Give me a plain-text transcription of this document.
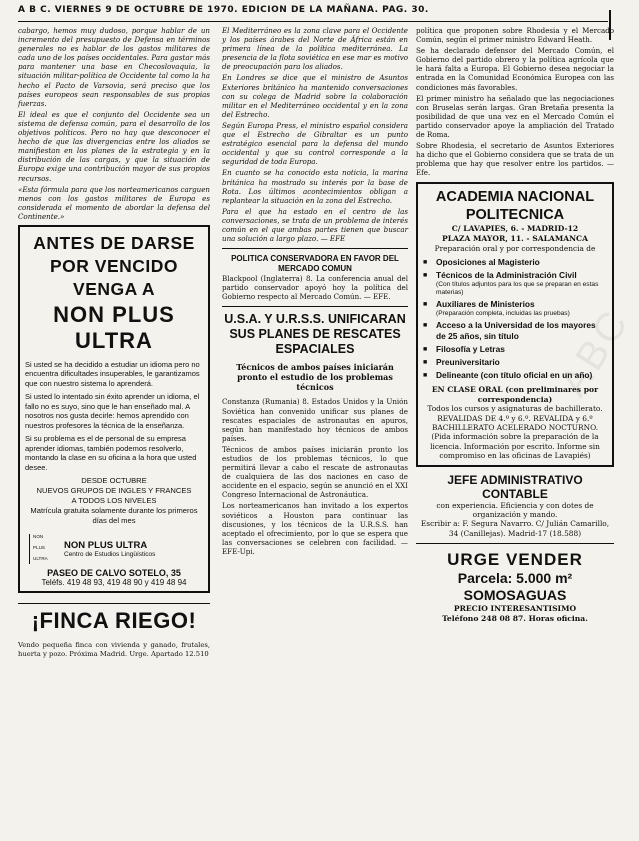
A B C. VIERNES 9 DE OCTUBRE DE 1970. EDICION DE LA MAÑANA. PAG. 30.

cabargo, hemos muy dudoso, porque hablar de un incremento del presupuesto de Defensa en términos generales no es hablar de los gastos militares de cada uno de los países occidentales. Para gastar más para mantener una base en Checoslovaquia, la situación militar-política de Occidente tal como la ha hecho el Pacto de Varsovia, será preciso que los países europeos sean responsables de sus propias fuerzas.

El ideal es que el conjunto del Occidente sea un sistema de defensa común, para el desarrollo de los objetivos políticos. Pero no hay que desconocer el hecho de que las divergencias entre los aliados se manifiestan en los planes de la estrategia y en la distribución de las cargas, y que la situación de Europa exige una contribución mayor de sus propios recursos.

«Esta fórmula para que los norteamericanos carguen menos con los gastos militares de Europa es considerada el momento de abordar la defensa del Continente.»

ANTES DE DARSE
POR VENCIDO
VENGA A
NON PLUS ULTRA

Si usted se ha decidido a estudiar un idioma pero no encuentra dificultades insuperables, le garantizamos que con nuestro sistema lo aprenderá.

Si usted lo intentado sin éxito aprender un idioma, el fallo no es suyo, sino que le han enseñado mal. A nosotros nos gusta decirle: hemos aprendido con nuestros profesores la técnica de la enseñanza.

Si su problema es el de personal de su empresa aprender idiomas, también podemos resolverlo, montando la clase en su oficina a la hora que usted desee.

DESDE OCTUBRE
NUEVOS GRUPOS DE INGLES Y FRANCES
A TODOS LOS NIVELES
Matrícula gratuita solamente durante los primeros días del mes
NON
PLUS
ULTRA
NON PLUS ULTRA
Centro de Estudios Lingüísticos
PASEO DE CALVO SOTELO, 35
Teléfs. 419 48 93, 419 48 90 y 419 48 94
¡FINCA RIEGO!

Vendo pequeña finca con vivienda y ganado, frutales, huerta y pozo. Próxima Madrid. Urge. Apartado 12.510

El Mediterráneo es la zona clave para el Occidente y los países árabes del Norte de África están en primera línea de la política mediterránea. La presencia de la flota soviética en ese mar es motivo de preocupación para los aliados.

En Londres se dice que el ministro de Asuntos Exteriores británico ha mantenido conversaciones con su colega de Madrid sobre la colaboración militar en el Mediterráneo occidental y en la zona del Estrecho.

Según Europa Press, el ministro español considera que el Estrecho de Gibraltar es un punto estratégico esencial para la defensa del mundo occidental y que su control corresponde a la seguridad de toda Europa.

En cuanto se ha conocido esta noticia, la marina británica ha mostrado su interés por la base de Rota. Los últimos acontecimientos obligan a replantear la situación en la zona del Estrecho.

Para el que ha estado en el centro de las conversaciones, se trata de un problema de interés común en el que ambas partes tienen que buscar una solución a largo plazo. — EFE

POLITICA CONSERVADORA EN FAVOR DEL MERCADO COMUN

Blackpool (Inglaterra) 8. La conferencia anual del partido conservador apoyó hoy la política del Gobierno respecto al Mercado Común. — EFE.

U.S.A. Y U.R.S.S. UNIFICARAN SUS PLANES DE RESCATES ESPACIALES
Técnicos de ambos países iniciarán pronto el estudio de los problemas técnicos

Constanza (Rumania) 8. Estados Unidos y la Unión Soviética han convenido unificar sus planes de rescates espaciales de astronautas en apuros, según han manifestado hoy técnicos de ambos países.

Técnicos de ambos países iniciarán pronto los estudios de los problemas técnicos, lo que permitirá llevar a cabo el rescate de astronautas de cualquiera de las dos naciones en caso de accidente en el espacio, según se anunció en el XXI Congreso Internacional de Astronáutica.

Los norteamericanos han invitado a los expertos soviéticos a Houston para continuar las discusiones, y los técnicos de la U.R.S.S. han aceptado el ofrecimiento, por lo que se espera que las conversaciones se celebren con facilidad. — EFE-Upi.

política que proponen sobre Rhodesia y el Mercado Común, según el primer ministro Edward Heath.

Se ha declarado defensor del Mercado Común, el Gobierno del partido obrero y la política agrícola que le hará falta a Europa. El Gobierno desea negociar la entrada en la Comunidad Económica Europea con las condiciones más favorables.

El primer ministro ha señalado que las negociaciones con Bruselas serán largas. Gran Bretaña presenta la posibilidad de que una vez en el Mercado Común el partido conservador apoye la ampliación del Tratado de Roma.

Sobre Rhodesia, el secretario de Asuntos Exteriores ha dicho que el Gobierno considera que se trata de un problema que hay que resolver entre los partidos. — Efe.

ACADEMIA NACIONAL
POLITECNICA
C/ LAVAPIES, 6. - MADRID-12
PLAZA MAYOR, 11. - SALAMANCA
Preparación oral y por correspondencia de
■ Oposiciones al Magisterio
■ Técnicos de la Administración Civil
(Con títulos adjuntos para los que se preparan en estas materias)
■ Auxiliares de Ministerios
(Preparación completa, incluidas las pruebas)
■ Acceso a la Universidad de los mayores de 25 años, sin título
■ Filosofía y Letras
■ Preuniversitario
■ Delineante (con título oficial en un año)
EN CLASE ORAL (con preliminares por correspondencia)
Todos los cursos y asignaturas de bachillerato. REVALIDAS DE 4.º y 6.º. REVALIDA y 6.º BACHILLERATO ACELERADO NOCTURNO.
(Pida información sobre la preparación de la licencia. Información por escrito. Informe sin compromiso en las oficinas de Lavapiés)
JEFE ADMINISTRATIVO CONTABLE
con experiencia. Eficiencia y con dotes de organización y mando.
Escribir a: F. Segura Navarro. C/ Julián Camarillo, 34 (Canillejas). Madrid-17 (18.588)
URGE VENDER
Parcela: 5.000 m² SOMOSAGUAS
PRECIO INTERESANTISIMO
Teléfono 248 08 87. Horas oficina.
ABC
